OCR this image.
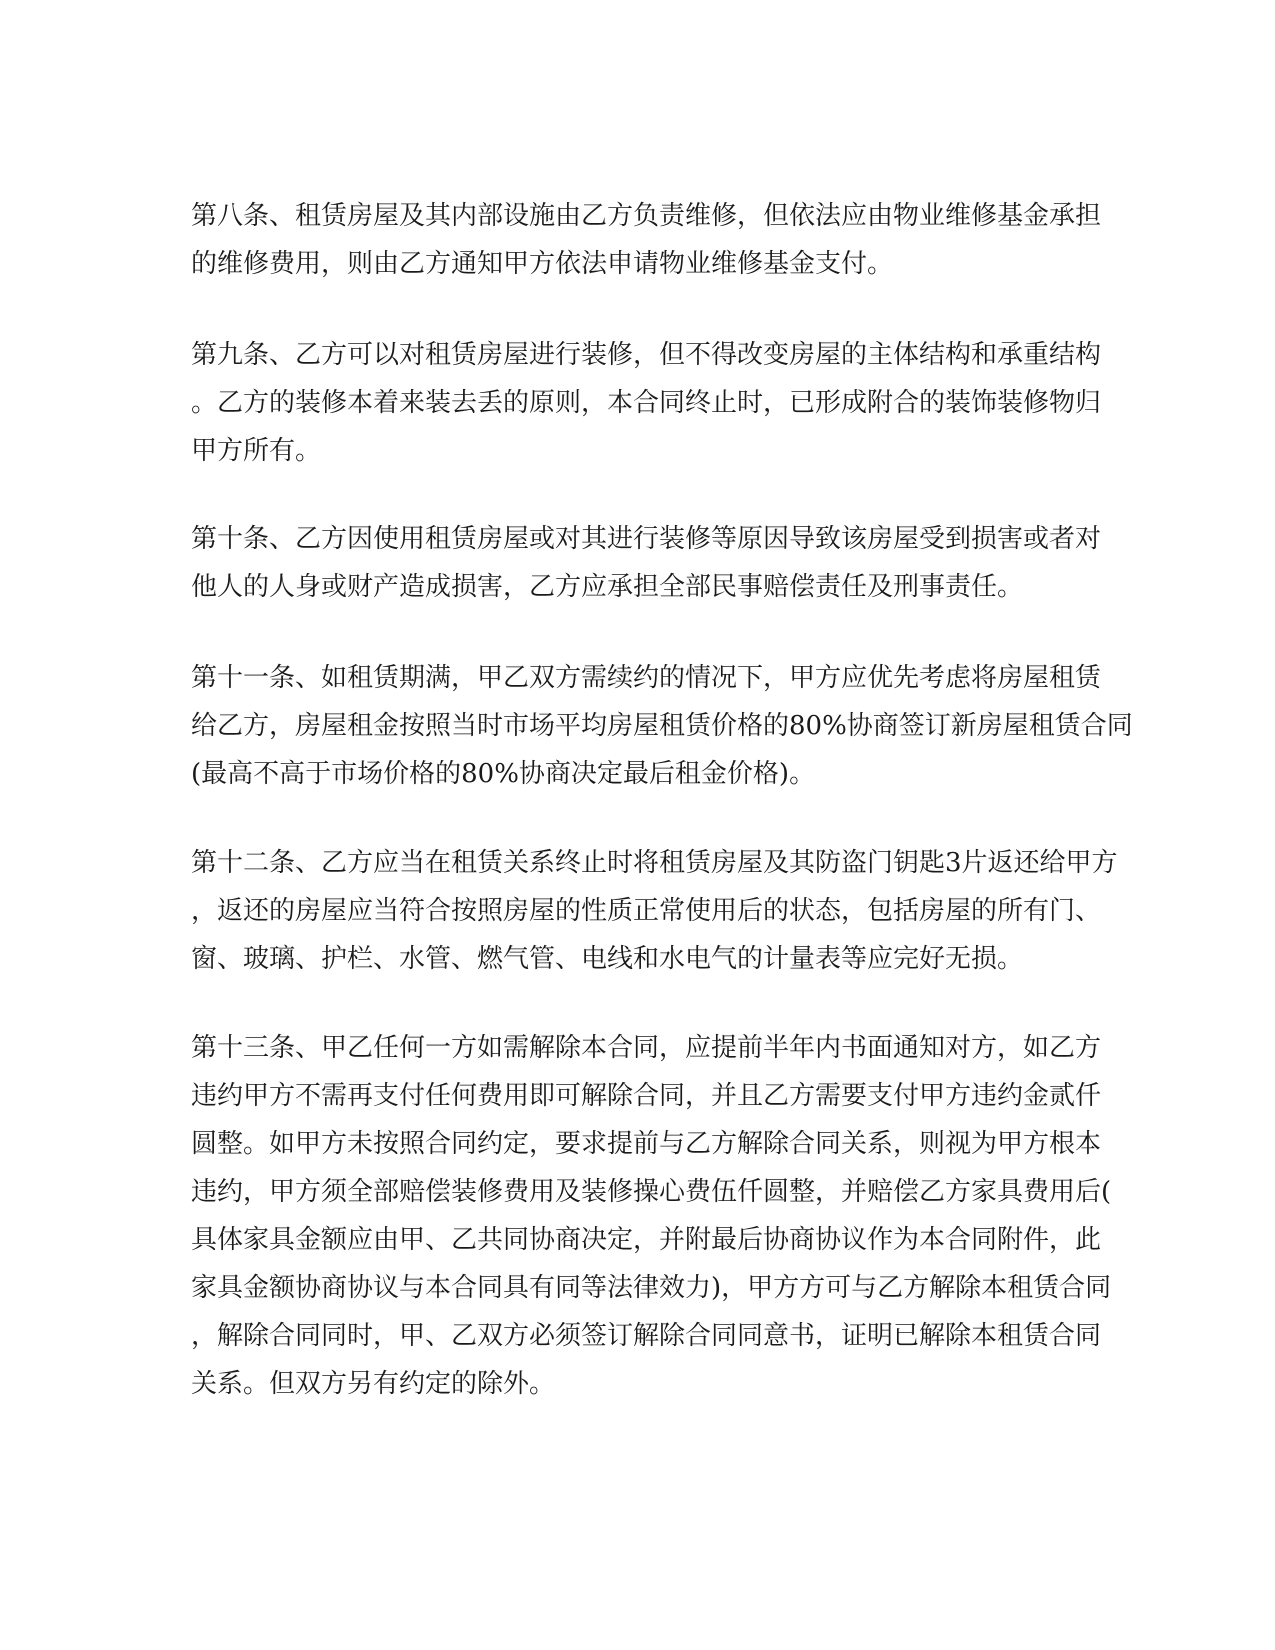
第八条、租赁房屋及其内部设施由乙方负责维修，但依法应由物业维修基金承担
的维修费用，则由乙方通知甲方依法申请物业维修基金支付。
第九条、乙方可以对租赁房屋进行装修，但不得改变房屋的主体结构和承重结构
。乙方的装修本着来装去丢的原则，本合同终止时，已形成附合的装饰装修物归
甲方所有。
第十条、乙方因使用租赁房屋或对其进行装修等原因导致该房屋受到损害或者对
他人的人身或财产造成损害，乙方应承担全部民事赔偿责任及刑事责任。
第十一条、如租赁期满，甲乙双方需续约的情况下，甲方应优先考虑将房屋租赁
给乙方，房屋租金按照当时市场平均房屋租赁价格的80%协商签订新房屋租赁合同
(最高不高于市场价格的80%协商决定最后租金价格)。
第十二条、乙方应当在租赁关系终止时将租赁房屋及其防盗门钥匙3片返还给甲方
，返还的房屋应当符合按照房屋的性质正常使用后的状态，包括房屋的所有门、
窗、玻璃、护栏、水管、燃气管、电线和水电气的计量表等应完好无损。
第十三条、甲乙任何一方如需解除本合同，应提前半年内书面通知对方，如乙方
违约甲方不需再支付任何费用即可解除合同，并且乙方需要支付甲方违约金贰仟
圆整。如甲方未按照合同约定，要求提前与乙方解除合同关系，则视为甲方根本
违约，甲方须全部赔偿装修费用及装修操心费伍仟圆整，并赔偿乙方家具费用后(
具体家具金额应由甲、乙共同协商决定，并附最后协商协议作为本合同附件，此
家具金额协商协议与本合同具有同等法律效力)，甲方方可与乙方解除本租赁合同
，解除合同同时，甲、乙双方必须签订解除合同同意书，证明已解除本租赁合同
关系。但双方另有约定的除外。
